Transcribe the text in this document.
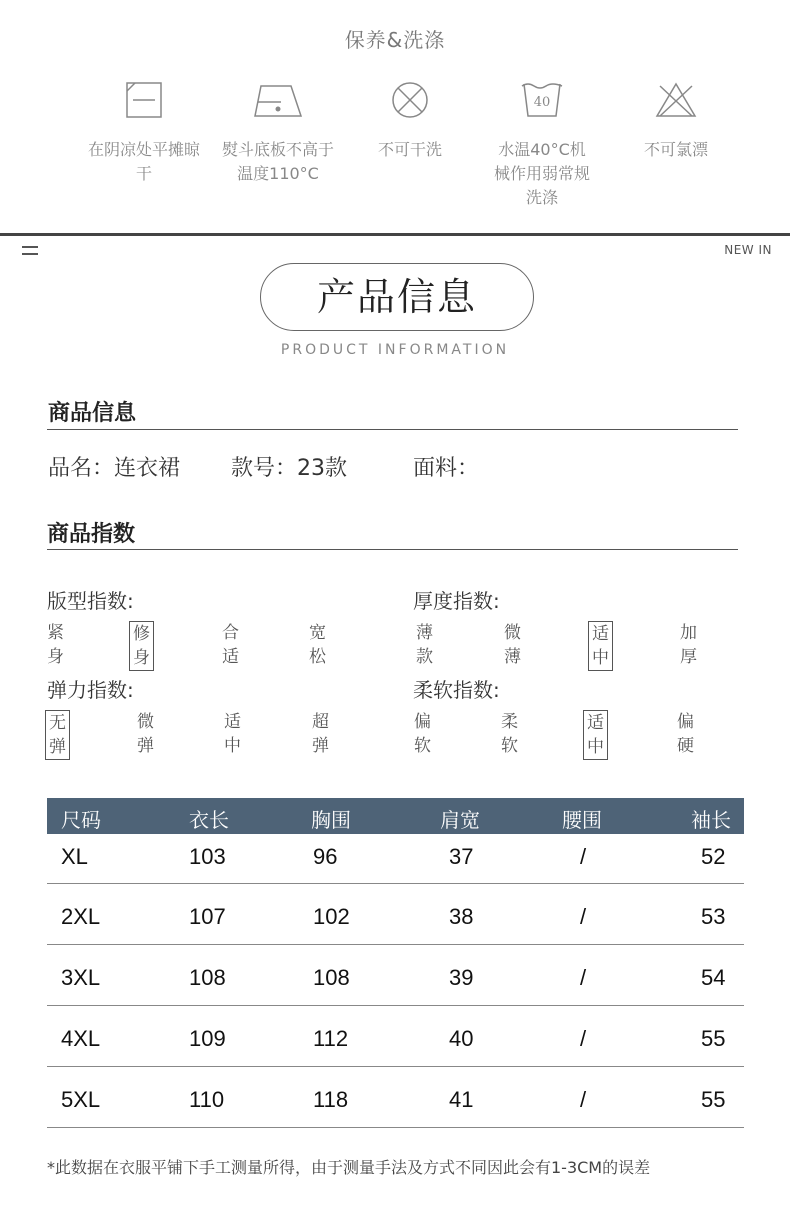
保养&洗涤
在阴凉处平摊晾干
熨斗底板不高于温度110°C
不可干洗
40
水温40°C机械作用弱常规洗涤
不可氯漂
NEW IN
产品信息
PRODUCT INFORMATION
商品信息
品名：连衣裙 款号：23款	面料：
商品指数
版型指数:
紧身
修身
合适
宽松
厚度指数:
薄款
微薄
适中
加厚
弹力指数:
无弹
微弹
适中
超弹
柔软指数:
偏软
柔软
适中
偏硬
尺码	衣长	胸围	肩宽	腰围	袖长
XL	103	96	37	/	52
2XL	107	102	38	/	53
3XL	108	108	39	/	54
4XL	109	112	40	/	55
5XL	110	118	41	/	55
*此数据在衣服平铺下手工测量所得，由于测量手法及方式不同因此会有1-3CM的误差
